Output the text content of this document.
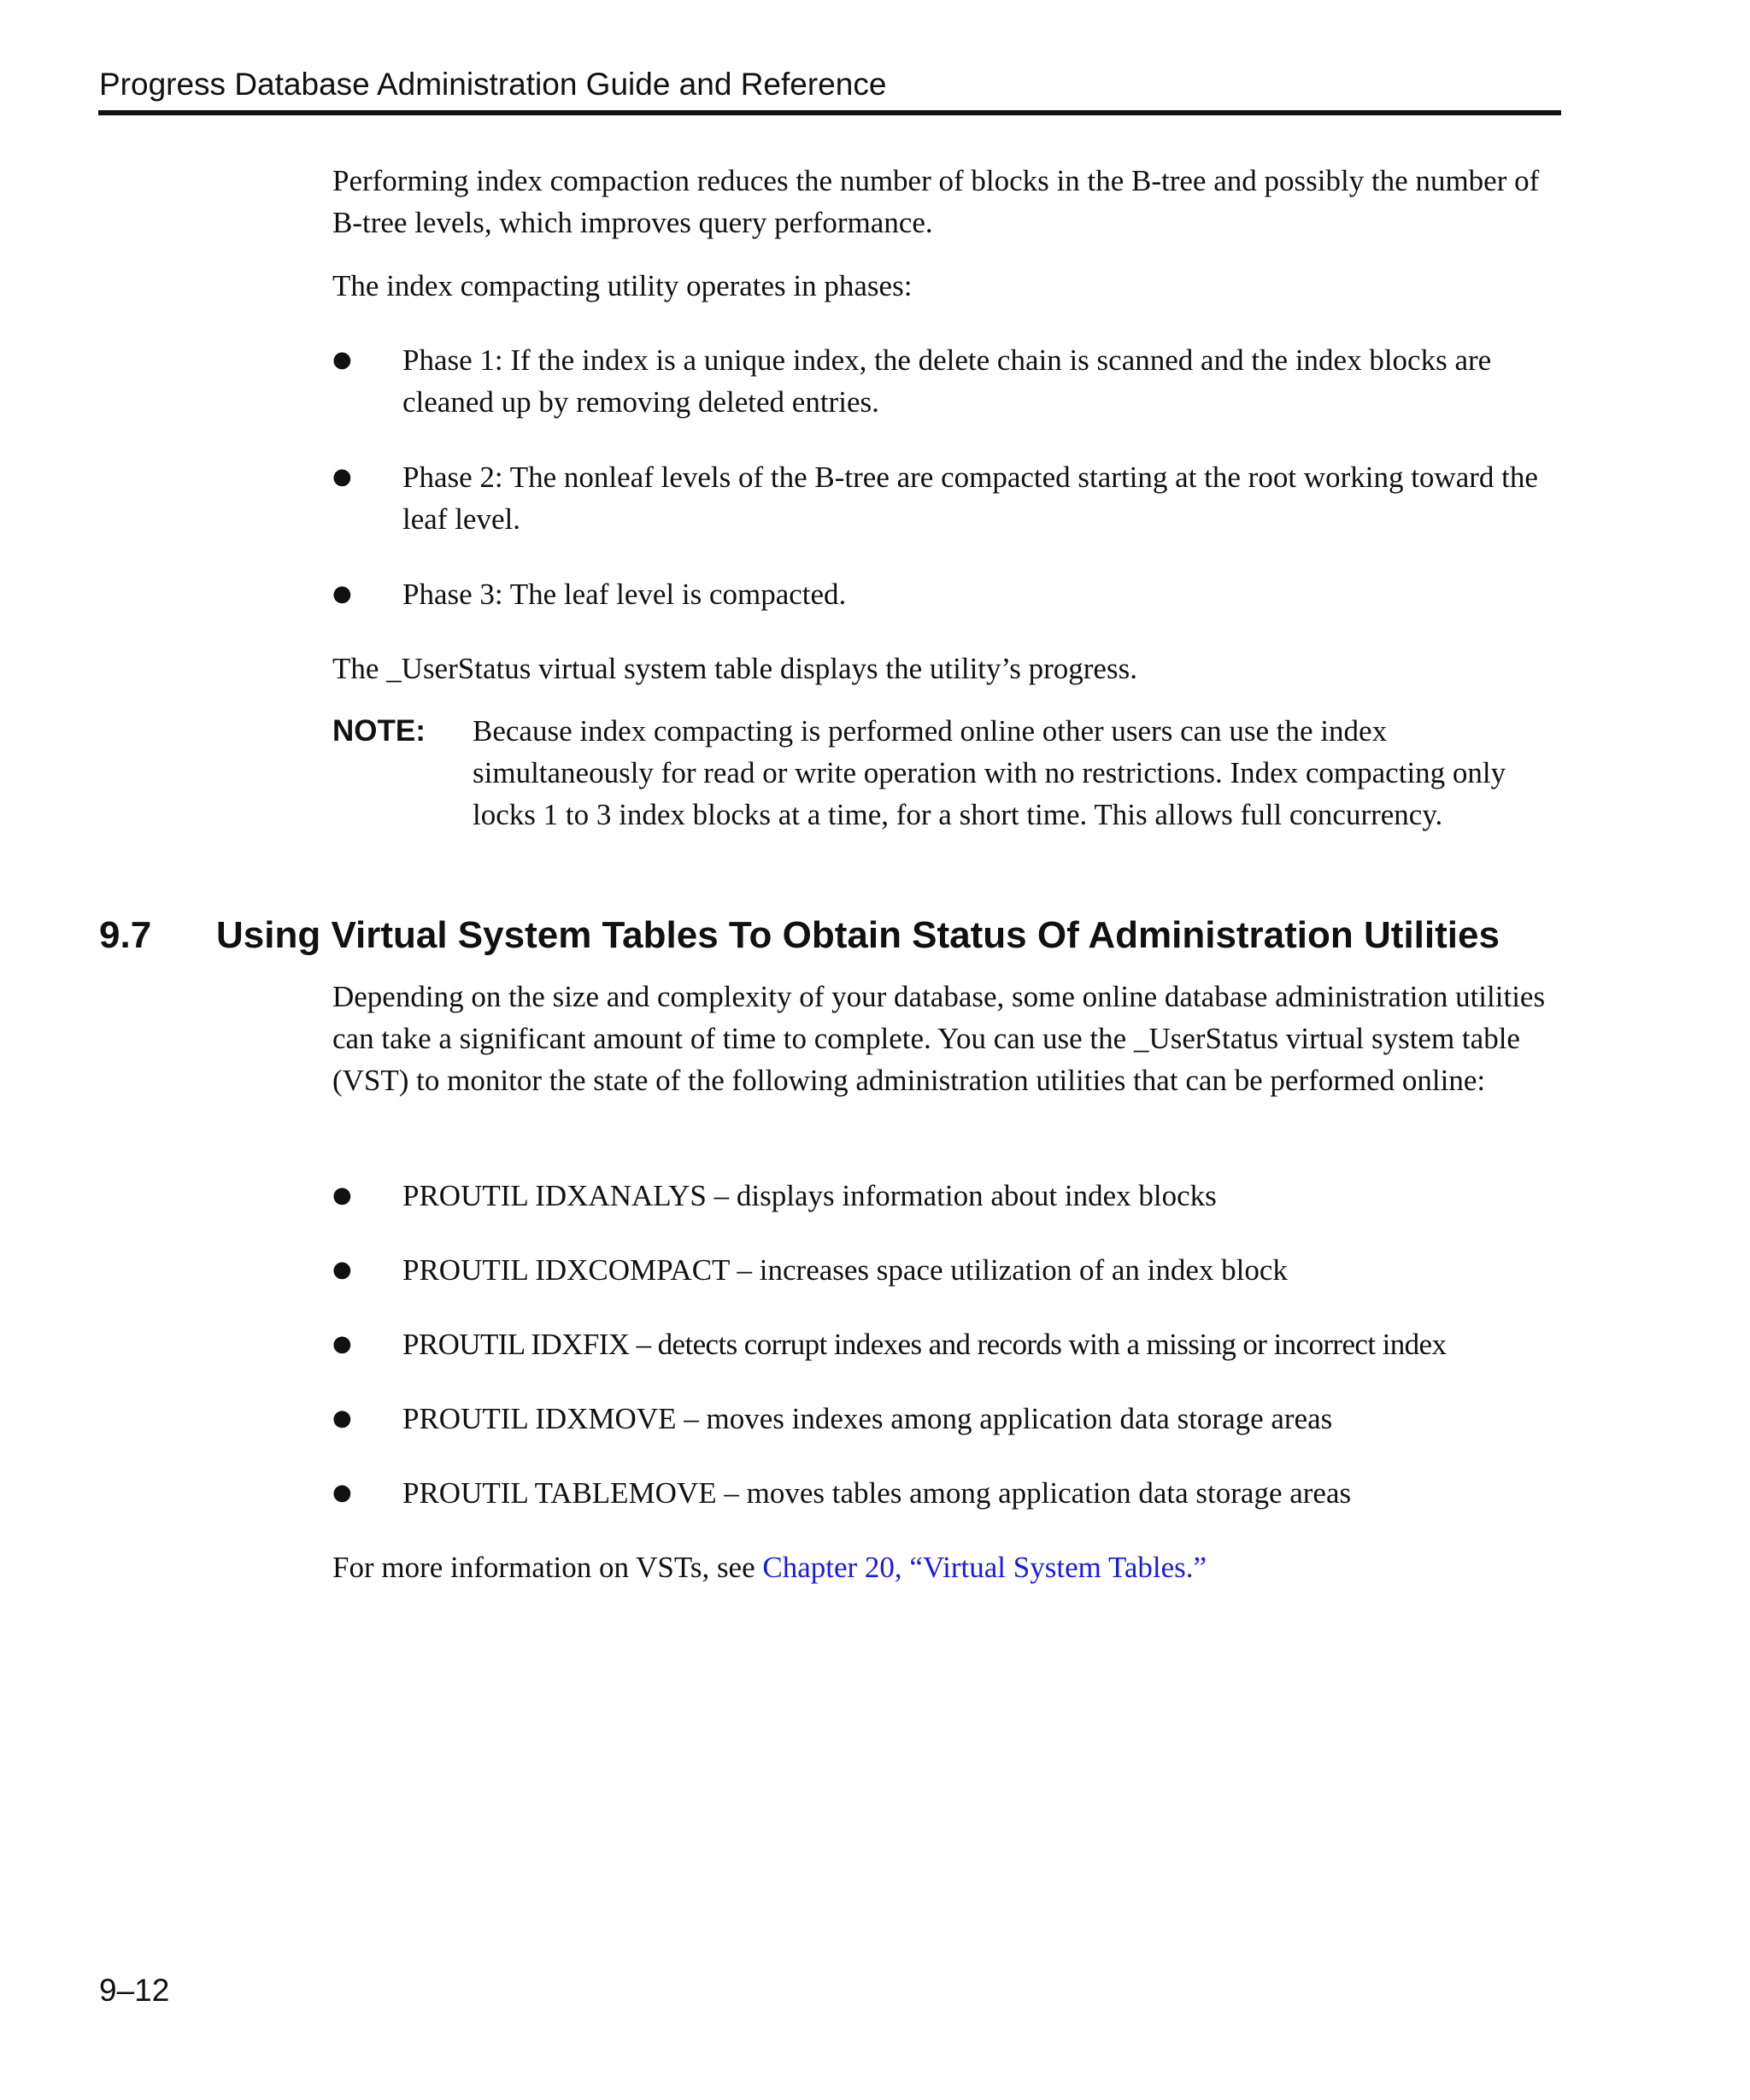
Progress Database Administration Guide and Reference

Performing index compaction reduces the number of blocks in the B-tree and possibly the number of B-tree levels, which improves query performance.

The index compacting utility operates in phases:

● Phase 1: If the index is a unique index, the delete chain is scanned and the index blocks are cleaned up by removing deleted entries.
● Phase 2: The nonleaf levels of the B-tree are compacted starting at the root working toward the leaf level.
● Phase 3: The leaf level is compacted.

The _UserStatus virtual system table displays the utility’s progress.

NOTE: Because index compacting is performed online other users can use the index simultaneously for read or write operation with no restrictions. Index compacting only locks 1 to 3 index blocks at a time, for a short time. This allows full concurrency.
9.7 Using Virtual System Tables To Obtain Status Of Administration Utilities

Depending on the size and complexity of your database, some online database administration utilities can take a significant amount of time to complete. You can use the _UserStatus virtual system table (VST) to monitor the state of the following administration utilities that can be performed online:

● PROUTIL IDXANALYS – displays information about index blocks
● PROUTIL IDXCOMPACT – increases space utilization of an index block
● PROUTIL IDXFIX – detects corrupt indexes and records with a missing or incorrect index
● PROUTIL IDXMOVE – moves indexes among application data storage areas
● PROUTIL TABLEMOVE – moves tables among application data storage areas

For more information on VSTs, see Chapter 20, “Virtual System Tables.”

9–12
